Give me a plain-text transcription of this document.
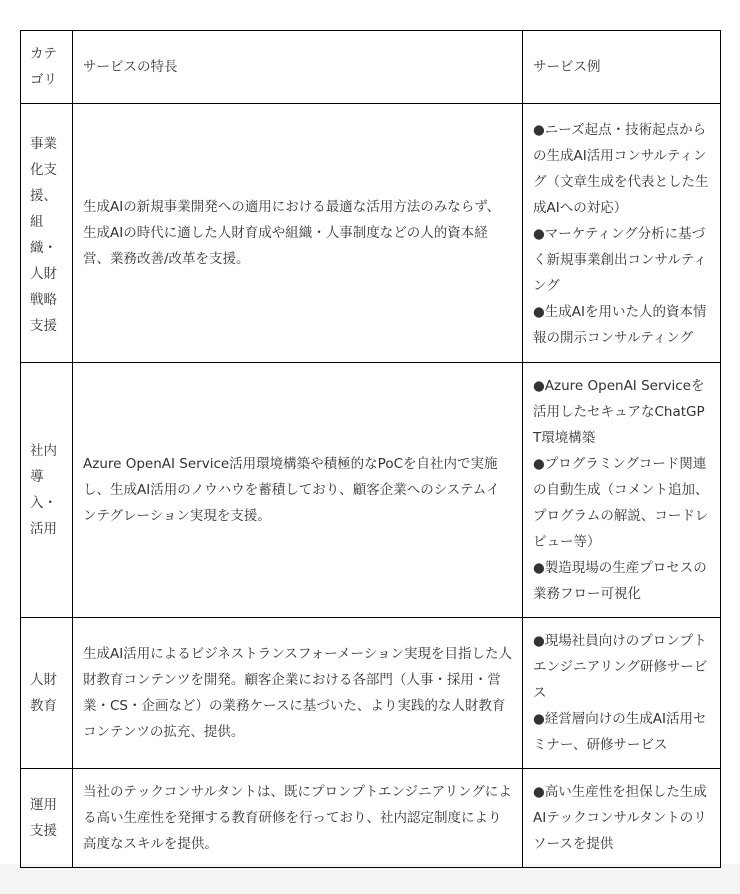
カテゴリ	サービスの特長	サービス例
事業化支援、組織・人財戦略支援	生成AIの新規事業開発への適用における最適な活用方法のみならず、生成AIの時代に適した人財育成や組織・人事制度などの人的資本経営、業務改善/改革を支援。	●ニーズ起点・技術起点からの生成AI活用コンサルティング（文章生成を代表とした生成AIへの対応）
●マーケティング分析に基づく新規事業創出コンサルティング
●生成AIを用いた人的資本情報の開示コンサルティング

社内導入・活用	Azure OpenAI Service活用環境構築や積極的なPoCを自社内で実施し、生成AI活用のノウハウを蓄積しており、顧客企業へのシステムインテグレーション実現を支援。	●Azure OpenAI Serviceを活用したセキュアなChatGPT環境構築
●プログラミングコード関連の自動生成（コメント追加、プログラムの解説、コードレビュー等）
●製造現場の生産プロセスの業務フロー可視化

人財教育	生成AI活用によるビジネストランスフォーメーション実現を目指した人財教育コンテンツを開発。顧客企業における各部門（人事・採用・営業・CS・企画など）の業務ケースに基づいた、より実践的な人財教育コンテンツの拡充、提供。	●現場社員向けのプロンプトエンジニアリング研修サービス
●経営層向けの生成AI活用セミナー、研修サービス

運用支援	当社のテックコンサルタントは、既にプロンプトエンジニアリングによる高い生産性を発揮する教育研修を行っており、社内認定制度により高度なスキルを提供。	●高い生産性を担保した生成AIテックコンサルタントのリソースを提供
